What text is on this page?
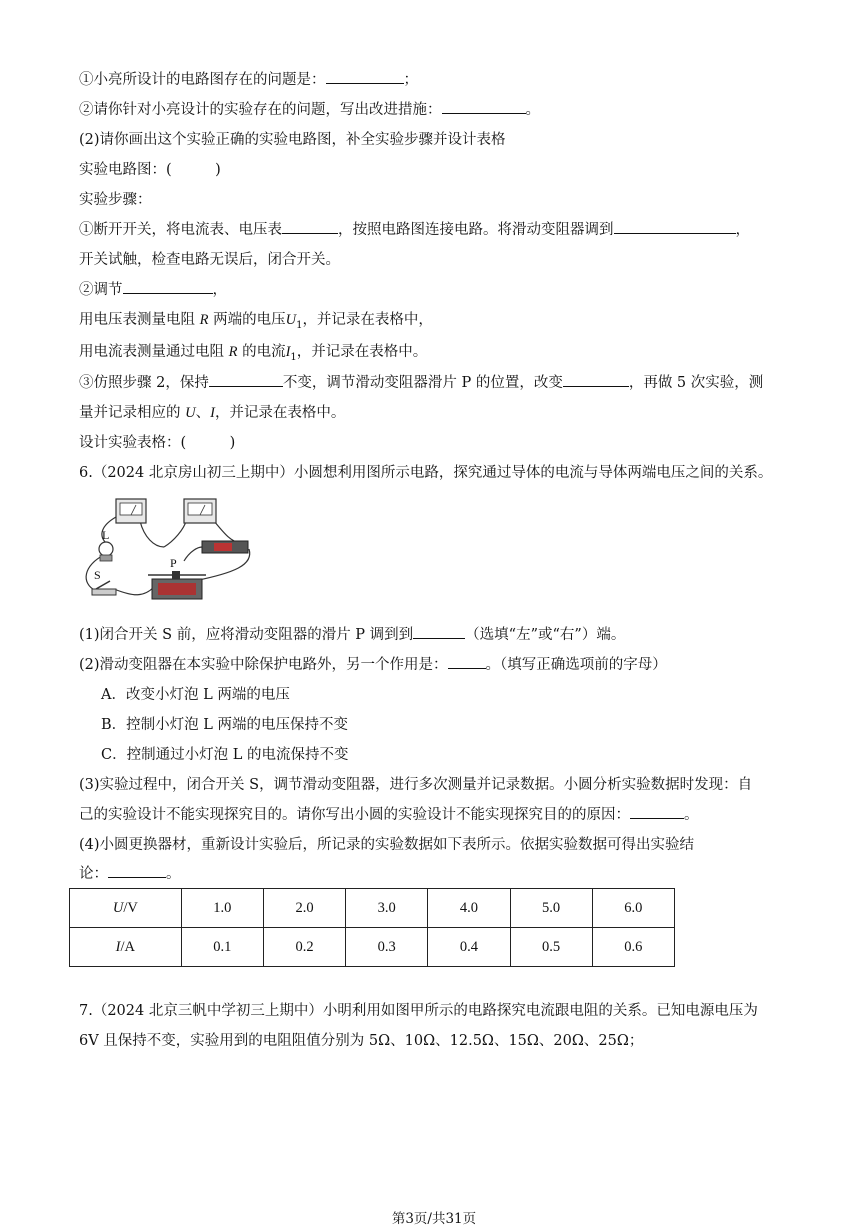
①小亮所设计的电路图存在的问题是：	；
②请你针对小亮设计的实验存在的问题，写出改进措施：	。
(2)请你画出这个实验正确的实验电路图，补全实验步骤并设计表格
实验电路图：(　　　)
实验步骤：
①断开开关，将电流表、电压表	，按照电路图连接电路。将滑动变阻器调到	，
开关试触，检查电路无误后，闭合开关。
②调节	，
用电压表测量电阻 R 两端的电压$U_1$，并记录在表格中，
用电流表测量通过电阻 R 的电流$I_1$，并记录在表格中。
③仿照步骤 2，保持	不变，调节滑动变阻器滑片 P 的位置，改变	，再做 5 次实验，测
量并记录相应的 U、I，并记录在表格中。
设计实验表格：(　　　)
6.（2024 北京房山初三上期中）小圆想利用图所示电路，探究通过导体的电流与导体两端电压之间的关系。
L
S
P
(1)闭合开关 S 前，应将滑动变阻器的滑片 P 调到到	（选填“左”或“右”）端。
(2)滑动变阻器在本实验中除保护电路外，另一个作用是：	。（填写正确选项前的字母）
A．改变小灯泡 L 两端的电压
B．控制小灯泡 L 两端的电压保持不变
C．控制通过小灯泡 L 的电流保持不变
(3)实验过程中，闭合开关 S，调节滑动变阻器，进行多次测量并记录数据。小圆分析实验数据时发现：自
己的实验设计不能实现探究目的。请你写出小圆的实验设计不能实现探究目的的原因：	。
(4)小圆更换器材，重新设计实验后，所记录的实验数据如下表所示。依据实验数据可得出实验结
论：	。
U/V	1.0	2.0	3.0	4.0	5.0	6.0
I/A	0.1	0.2	0.3	0.4	0.5	0.6
7.（2024 北京三帆中学初三上期中）小明利用如图甲所示的电路探究电流跟电阻的关系。已知电源电压为
6V 且保持不变，实验用到的电阻阻值分别为 5Ω、10Ω、12.5Ω、15Ω、20Ω、25Ω；
第3页/共31页
